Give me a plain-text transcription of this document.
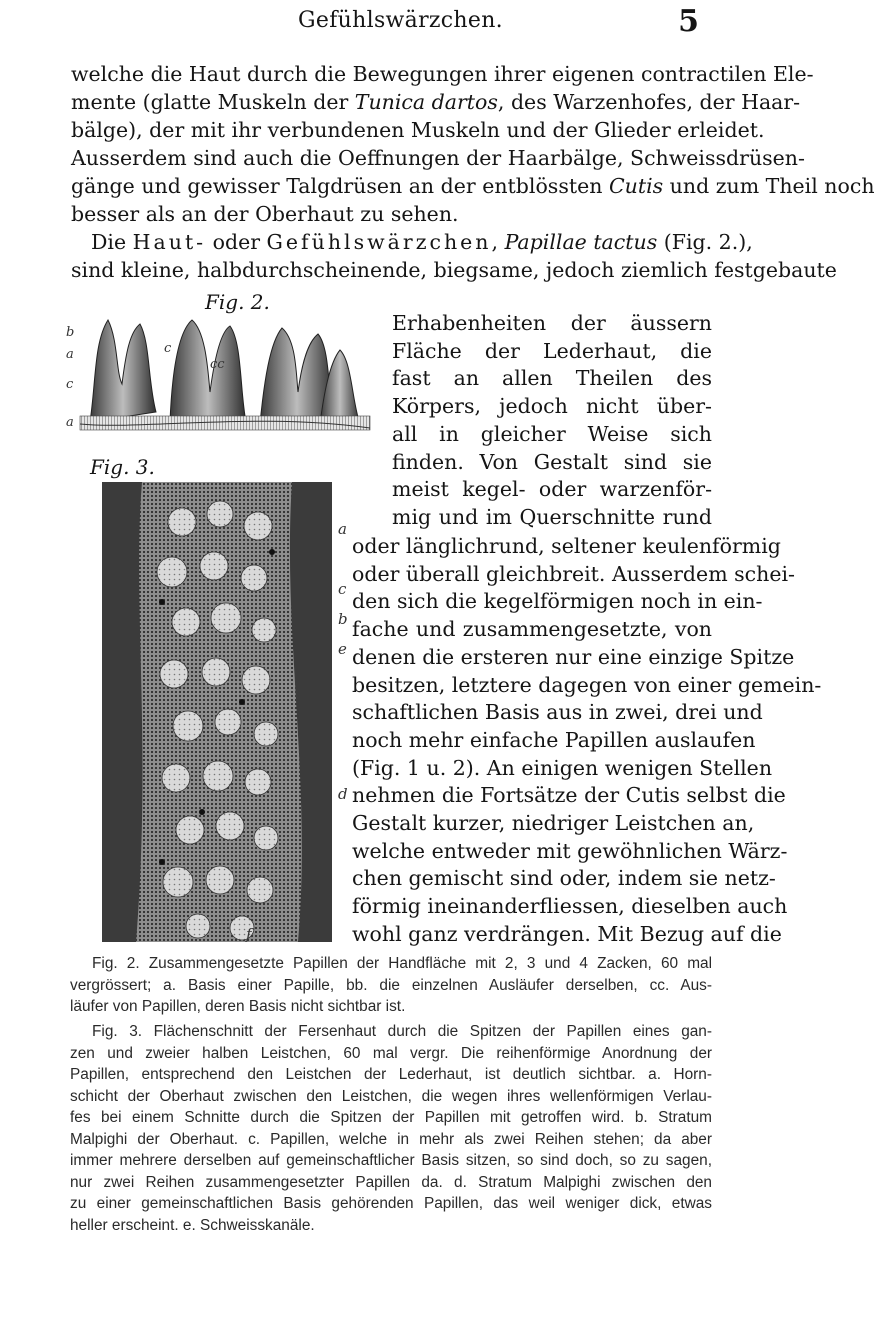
Gefühlswärzchen.	5
welche die Haut durch die Bewegungen ihrer eigenen contractilen Ele-
mente (glatte Muskeln der Tunica dartos, des Warzenhofes, der Haar-
bälge), der mit ihr verbundenen Muskeln und der Glieder erleidet.
Ausserdem sind auch die Oeffnungen der Haarbälge, Schweissdrüsen-
gänge und gewisser Talgdrüsen an der entblössten Cutis und zum Theil noch
besser als an der Oberhaut zu sehen.
Die Haut- oder Gefühlswärzchen, Papillae tactus (Fig. 2.),
sind kleine, halbdurchscheinende, biegsame, jedoch ziemlich festgebaute
Fig. 2.
b
a
c
c
cc
a
Erhabenheiten der äussern
Fläche der Lederhaut, die
fast an allen Theilen des
Körpers, jedoch nicht über-
all in gleicher Weise sich
finden. Von Gestalt sind sie
meist kegel- oder warzenför-
mig und im Querschnitte rund
Fig. 3.
a
c
b
e
d
f
oder länglichrund, seltener keulenförmig
oder überall gleichbreit. Ausserdem schei-
den sich die kegelförmigen noch in ein-
fache und zusammengesetzte, von
denen die ersteren nur eine einzige Spitze
besitzen, letztere dagegen von einer gemein-
schaftlichen Basis aus in zwei, drei und
noch mehr einfache Papillen auslaufen
(Fig. 1 u. 2). An einigen wenigen Stellen
nehmen die Fortsätze der Cutis selbst die
Gestalt kurzer, niedriger Leistchen an,
welche entweder mit gewöhnlichen Wärz-
chen gemischt sind oder, indem sie netz-
förmig ineinanderfliessen, dieselben auch
wohl ganz verdrängen. Mit Bezug auf die
Fig. 2. Zusammengesetzte Papillen der Handfläche mit 2, 3 und 4 Zacken, 60 mal
vergrössert; a. Basis einer Papille, bb. die einzelnen Ausläufer derselben, cc. Aus-
läufer von Papillen, deren Basis nicht sichtbar ist.
Fig. 3. Flächenschnitt der Fersenhaut durch die Spitzen der Papillen eines gan-
zen und zweier halben Leistchen, 60 mal vergr. Die reihenförmige Anordnung der
Papillen, entsprechend den Leistchen der Lederhaut, ist deutlich sichtbar. a. Horn-
schicht der Oberhaut zwischen den Leistchen, die wegen ihres wellenförmigen Verlau-
fes bei einem Schnitte durch die Spitzen der Papillen mit getroffen wird. b. Stratum
Malpighi der Oberhaut. c. Papillen, welche in mehr als zwei Reihen stehen; da aber
immer mehrere derselben auf gemeinschaftlicher Basis sitzen, so sind doch, so zu sagen,
nur zwei Reihen zusammengesetzter Papillen da. d. Stratum Malpighi zwischen den
zu einer gemeinschaftlichen Basis gehörenden Papillen, das weil weniger dick, etwas
heller erscheint. e. Schweisskanäle.
